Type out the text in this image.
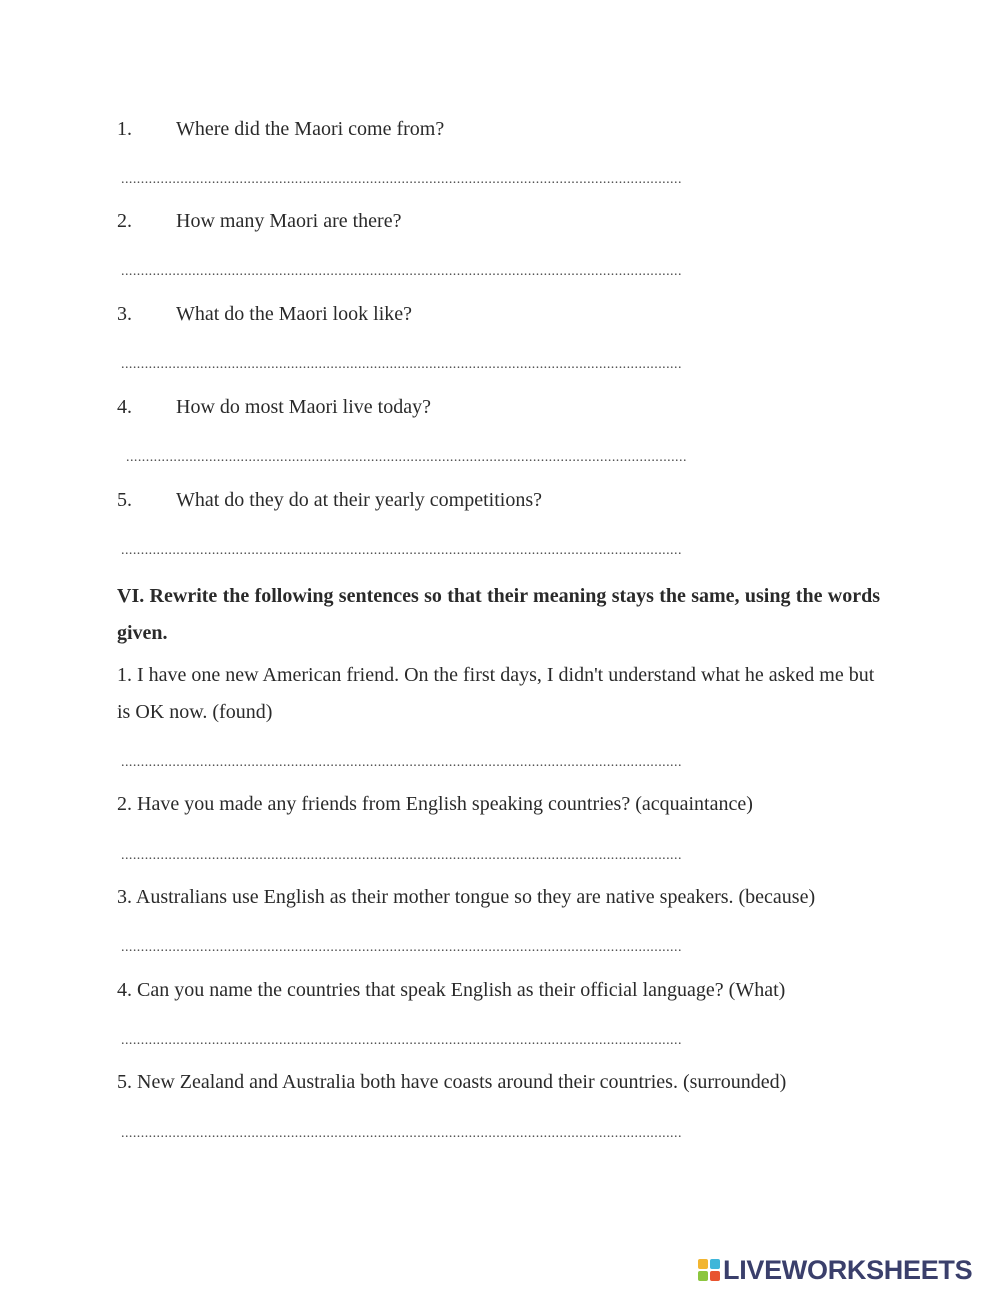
1. Where did the Maori come from?
..............................................................................................................................................
2. How many Maori are there?
..............................................................................................................................................
3. What do the Maori look like?
..............................................................................................................................................
4. How do most Maori live today?
..............................................................................................................................................
5. What do they do at their yearly competitions?
..............................................................................................................................................
VI. Rewrite the following sentences so that their meaning stays the same, using the words given.
1. I have one new American friend. On the first days, I didn't understand what he asked me but is OK now. (found)
..............................................................................................................................................
2. Have you made any friends from English speaking countries? (acquaintance)
..............................................................................................................................................
3. Australians use English as their mother tongue so they are native speakers. (because)
..............................................................................................................................................
4. Can you name the countries that speak English as their official language? (What)
..............................................................................................................................................
5. New Zealand and Australia both have coasts around their countries. (surrounded)
..............................................................................................................................................
LIVEWORKSHEETS
